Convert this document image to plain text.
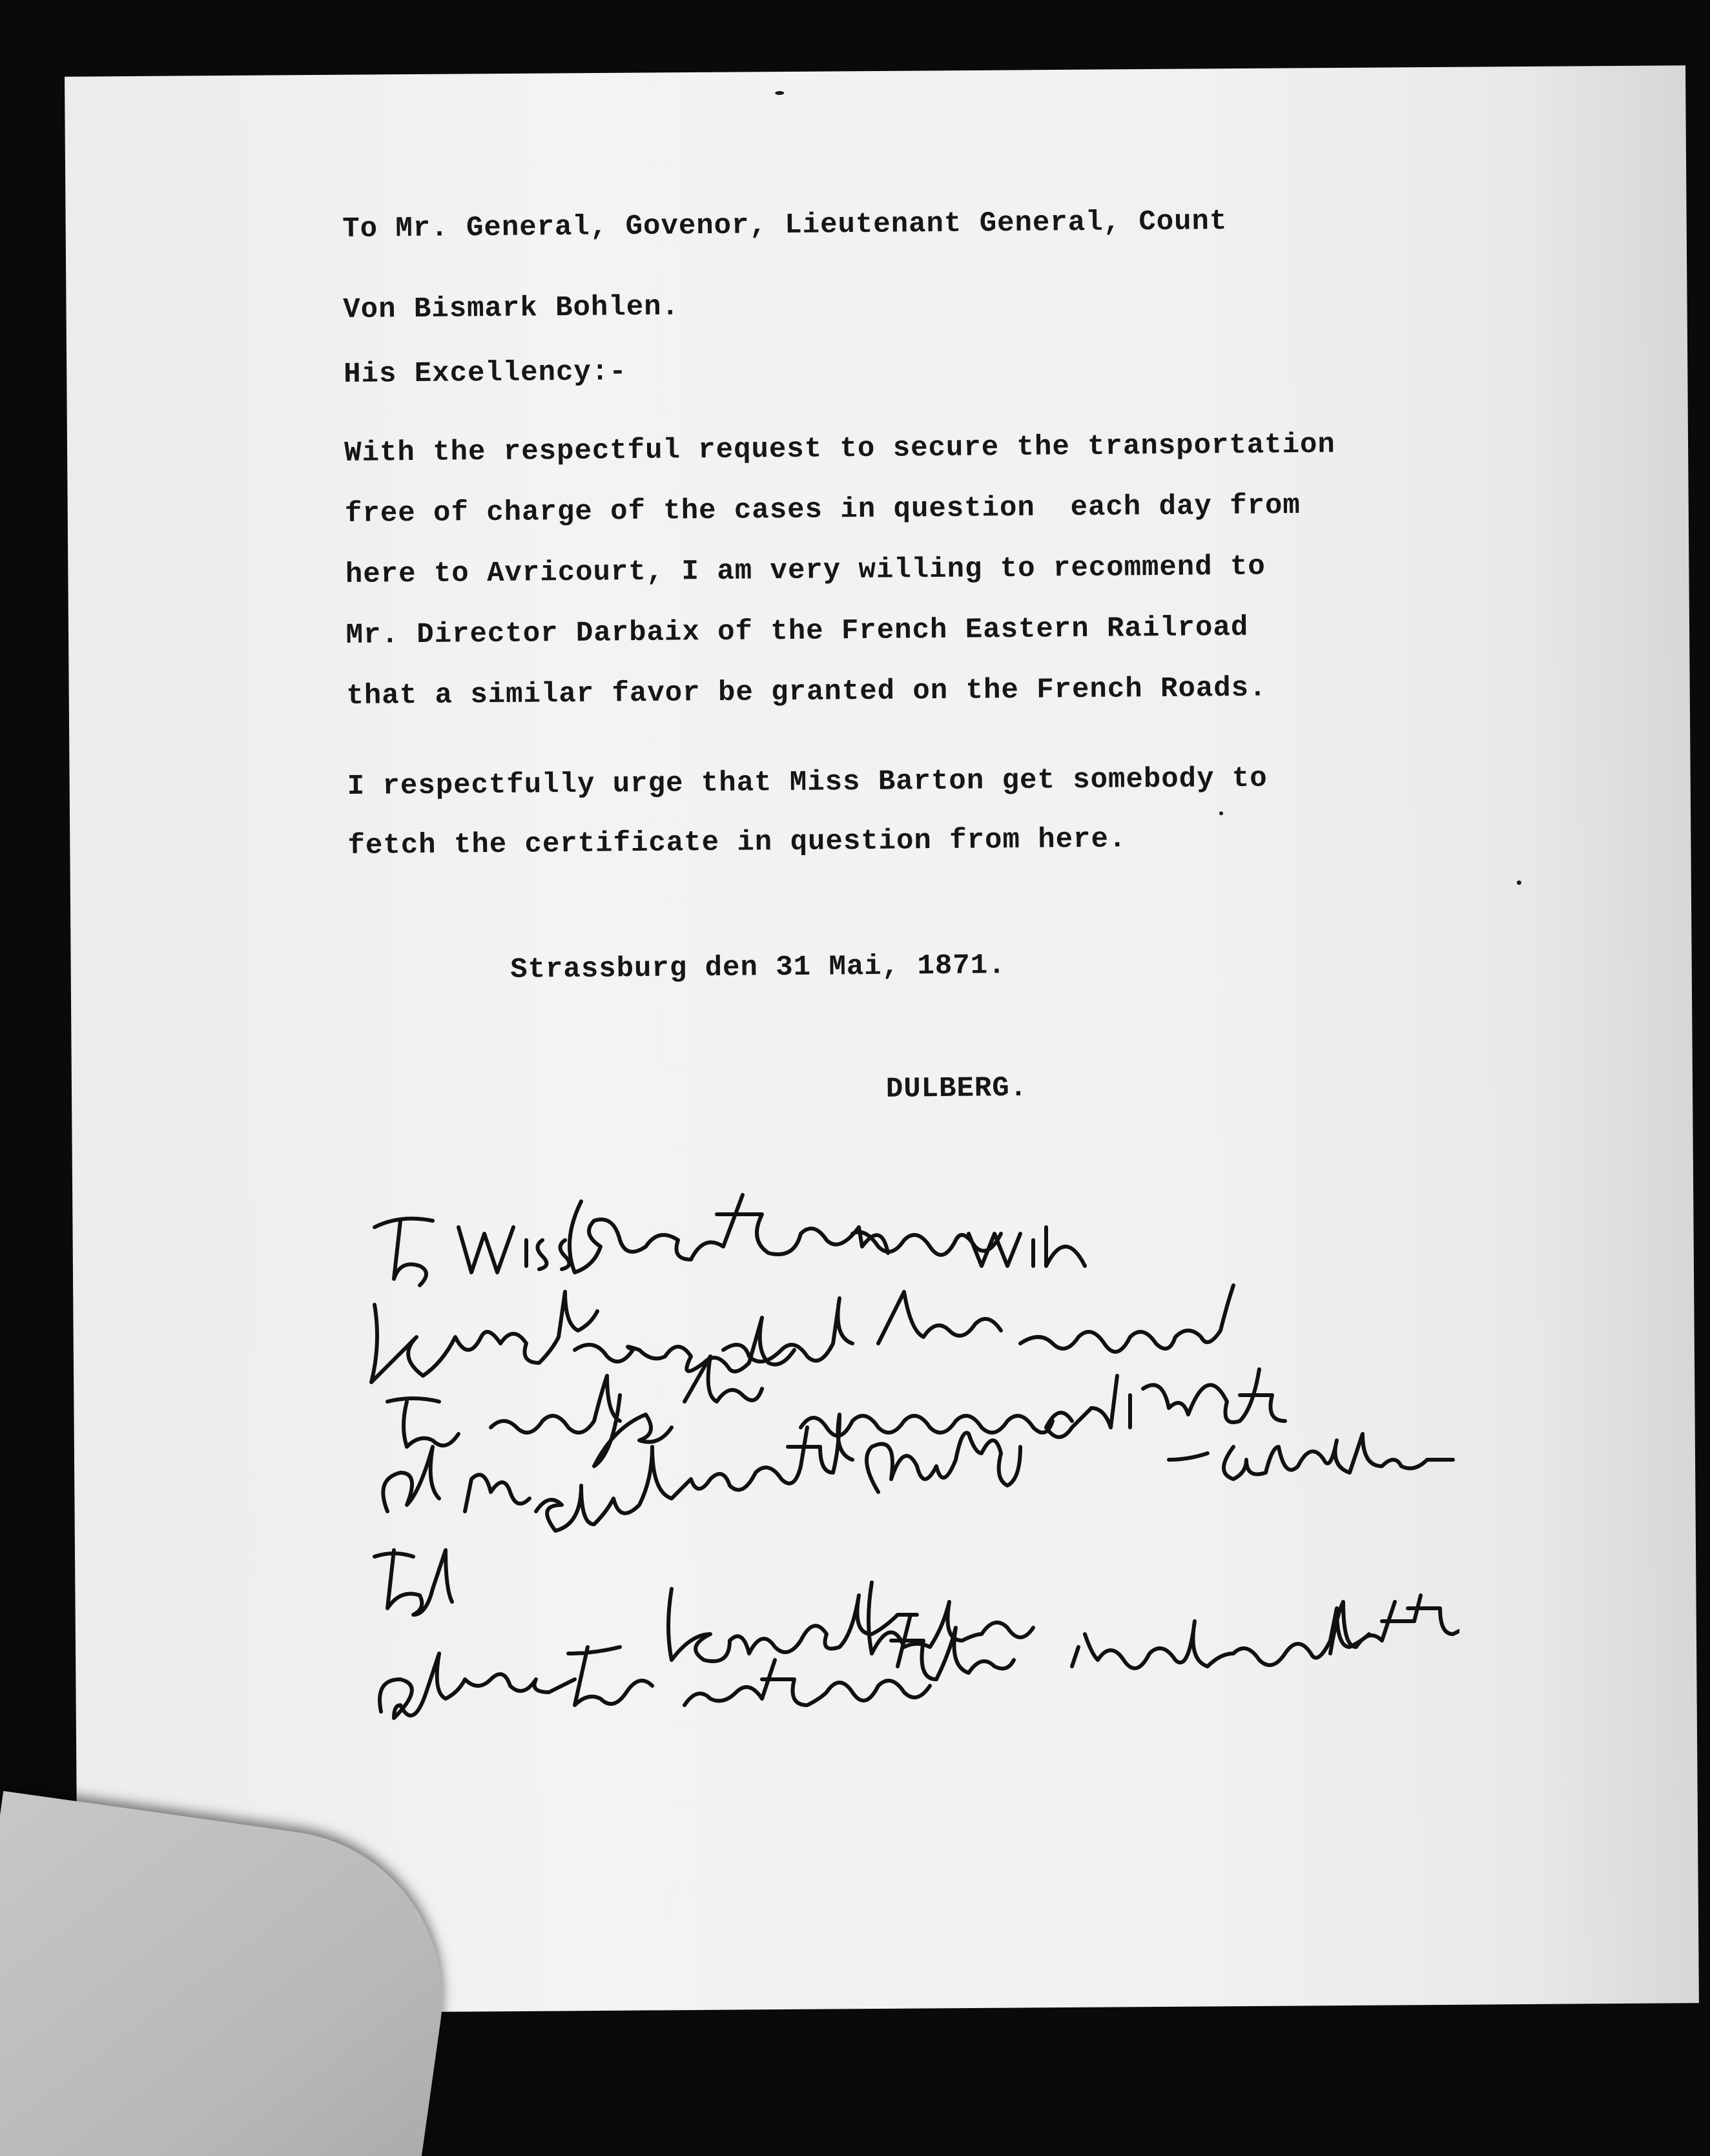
To Mr. General, Govenor, Lieutenant General, Count
Von Bismark Bohlen.
His Excellency:-
With the respectful request to secure the transportation
free of charge of the cases in question  each day from
here to Avricourt, I am very willing to recommend to
Mr. Director Darbaix of the French Eastern Railroad
that a similar favor be granted on the French Roads.
I respectfully urge that Miss Barton get somebody to
fetch the certificate in question from here.
Strassburg den 31 Mai, 1871.
DULBERG.
